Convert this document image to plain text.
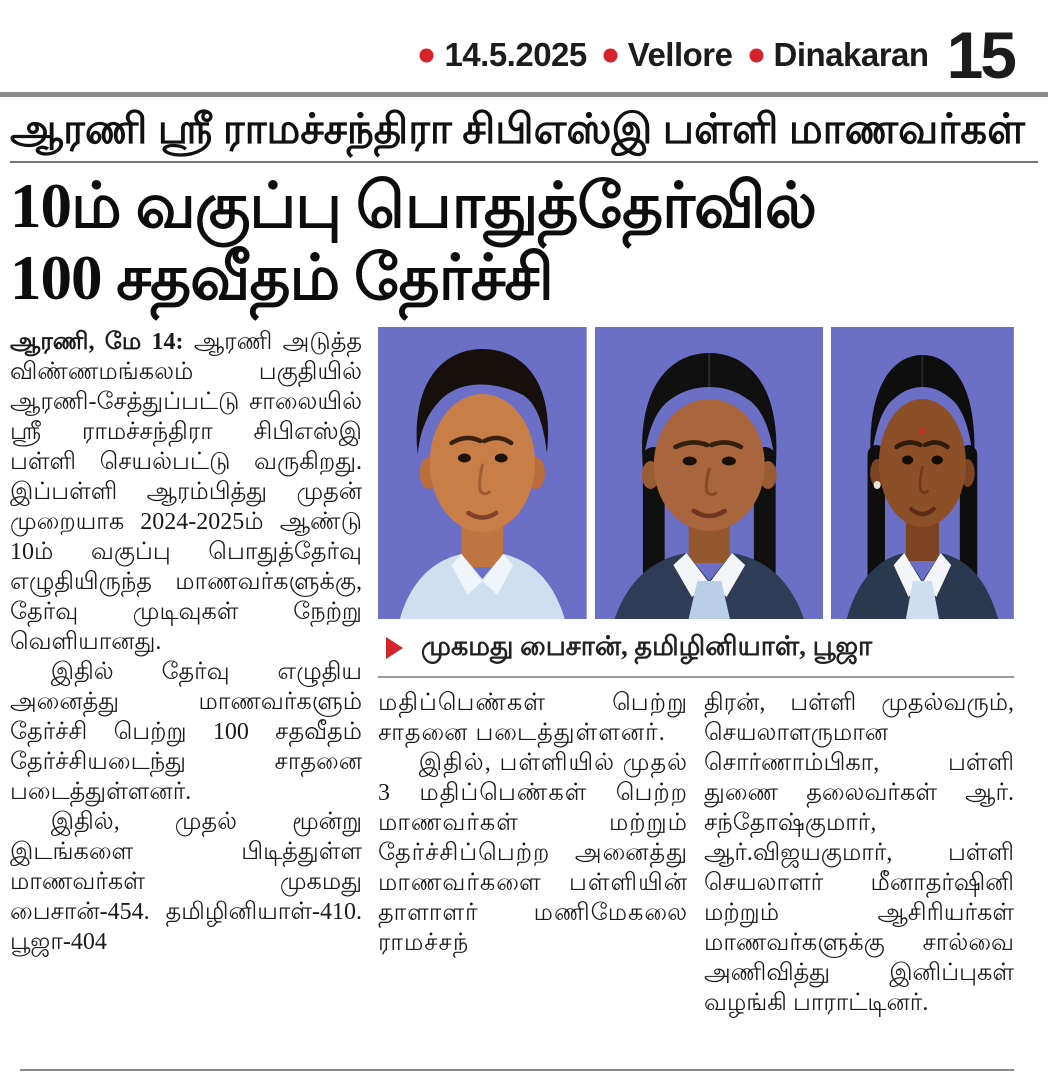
14.5.2025 Vellore Dinakaran 15
ஆரணி ஸ்ரீ ராமச்சந்திரா சிபிஎஸ்இ பள்ளி மாணவர்கள்
10ம் வகுப்பு பொதுத்தேர்வில்
100 சதவீதம் தேர்ச்சி

ஆரணி, மே 14: ஆரணி அடுத்த விண்ணமங்கலம் பகுதியில் ஆரணி-சேத்துப்பட்டு சாலையில் ஸ்ரீ ராமச்சந்திரா சிபிஎஸ்இ பள்ளி செயல்பட்டு வருகிறது. இப்பள்ளி ஆரம்பித்து முதன் முறையாக 2024-2025ம் ஆண்டு 10ம் வகுப்பு பொதுத்தேர்வு எழுதியிருந்த மாணவர்களுக்கு, தேர்வு முடிவுகள் நேற்று வெளியானது.

இதில் தேர்வு எழுதிய அனைத்து மாணவர்களும் தேர்ச்சி பெற்று 100 சதவீதம் தேர்ச்சியடைந்து சாதனை படைத்துள்ளனர்.

இதில், முதல் மூன்று இடங்களை பிடித்துள்ள மாணவர்கள் முகமது பைசான்-454. தமிழினியாள்-410. பூஜா-404

முகமது பைசான், தமிழினியாள், பூஜா

மதிப்பெண்கள் பெற்று சாதனை படைத்துள்ளனர்.

இதில், பள்ளியில் முதல் 3 மதிப்பெண்கள் பெற்ற மாணவர்கள் மற்றும் தேர்ச்சிப்பெற்ற அனைத்து மாணவர்களை பள்ளியின் தாளாளர் மணிமேகலை ராமச்சந்

திரன், பள்ளி முதல்வரும், செயலாளருமான சொர்ணாம்பிகா, பள்ளி துணை தலைவர்கள் ஆர். சந்தோஷ்குமார், ஆர்.விஜயகுமார், பள்ளி செயலாளர் மீனாதர்ஷினி மற்றும் ஆசிரியர்கள் மாணவர்களுக்கு சால்வை அணிவித்து இனிப்புகள் வழங்கி பாராட்டினர்.
